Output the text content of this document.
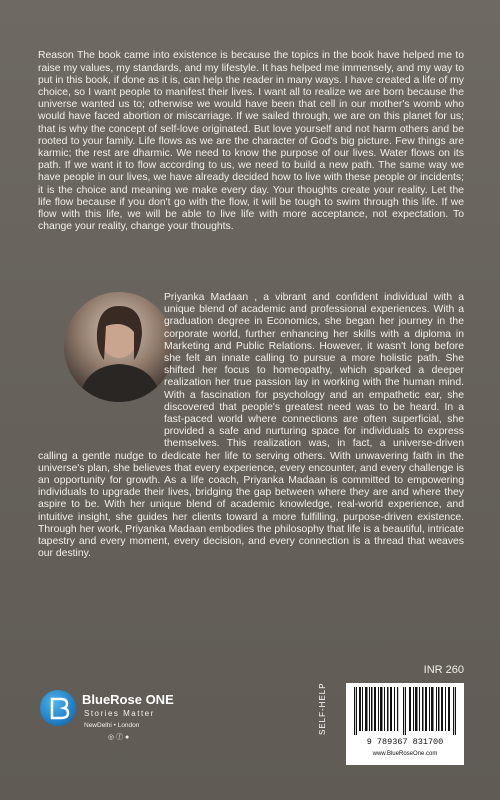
Reason The book came into existence is because the topics in the book have helped me to raise my values, my standards, and my lifestyle. It has helped me immensely, and my way to put in this book, if done as it is, can help the reader in many ways. I have created a life of my choice, so I want people to manifest their lives. I want all to realize we are born because the universe wanted us to; otherwise we would have been that cell in our mother's womb who would have faced abortion or miscarriage. If we sailed through, we are on this planet for us; that is why the concept of self-love originated. But love yourself and not harm others and be rooted to your family. Life flows as we are the character of God's big picture. Few things are karmic; the rest are dharmic. We need to know the purpose of our lives. Water flows on its path. If we want it to flow according to us, we need to build a new path. The same way we have people in our lives, we have already decided how to live with these people or incidents; it is the choice and meaning we make every day. Your thoughts create your reality. Let the life flow because if you don't go with the flow, it will be tough to swim through this life. If we flow with this life, we will be able to live life with more acceptance, not expectation. To change your reality, change your thoughts.

Priyanka Madaan , a vibrant and confident individual with a unique blend of academic and professional experiences. With a graduation degree in Economics, she began her journey in the corporate world, further enhancing her skills with a diploma in Marketing and Public Relations. However, it wasn't long before she felt an innate calling to pursue a more holistic path. She shifted her focus to homeopathy, which sparked a deeper realization her true passion lay in working with the human mind. With a fascination for psychology and an empathetic ear, she discovered that people's greatest need was to be heard. In a fast-paced world where connections are often superficial, she provided a safe and nurturing space for individuals to express themselves. This realization was, in fact, a universe-driven calling a gentle nudge to dedicate her life to serving others. With unwavering faith in the universe's plan, she believes that every experience, every encounter, and every challenge is an opportunity for growth. As a life coach, Priyanka Madaan is committed to empowering individuals to upgrade their lives, bridging the gap between where they are and where they aspire to be. With her unique blend of academic knowledge, real-world experience, and intuitive insight, she guides her clients toward a more fulfilling, purpose-driven existence. Through her work, Priyanka Madaan embodies the philosophy that life is a beautiful, intricate tapestry and every moment, every decision, and every connection is a thread that weaves our destiny.
INR 260
BlueRose ONE
Stories Matter
NewDelhi • London
◎ ⓕ ●
SELF-HELP
9 789367 831700
www.BlueRoseOne.com
